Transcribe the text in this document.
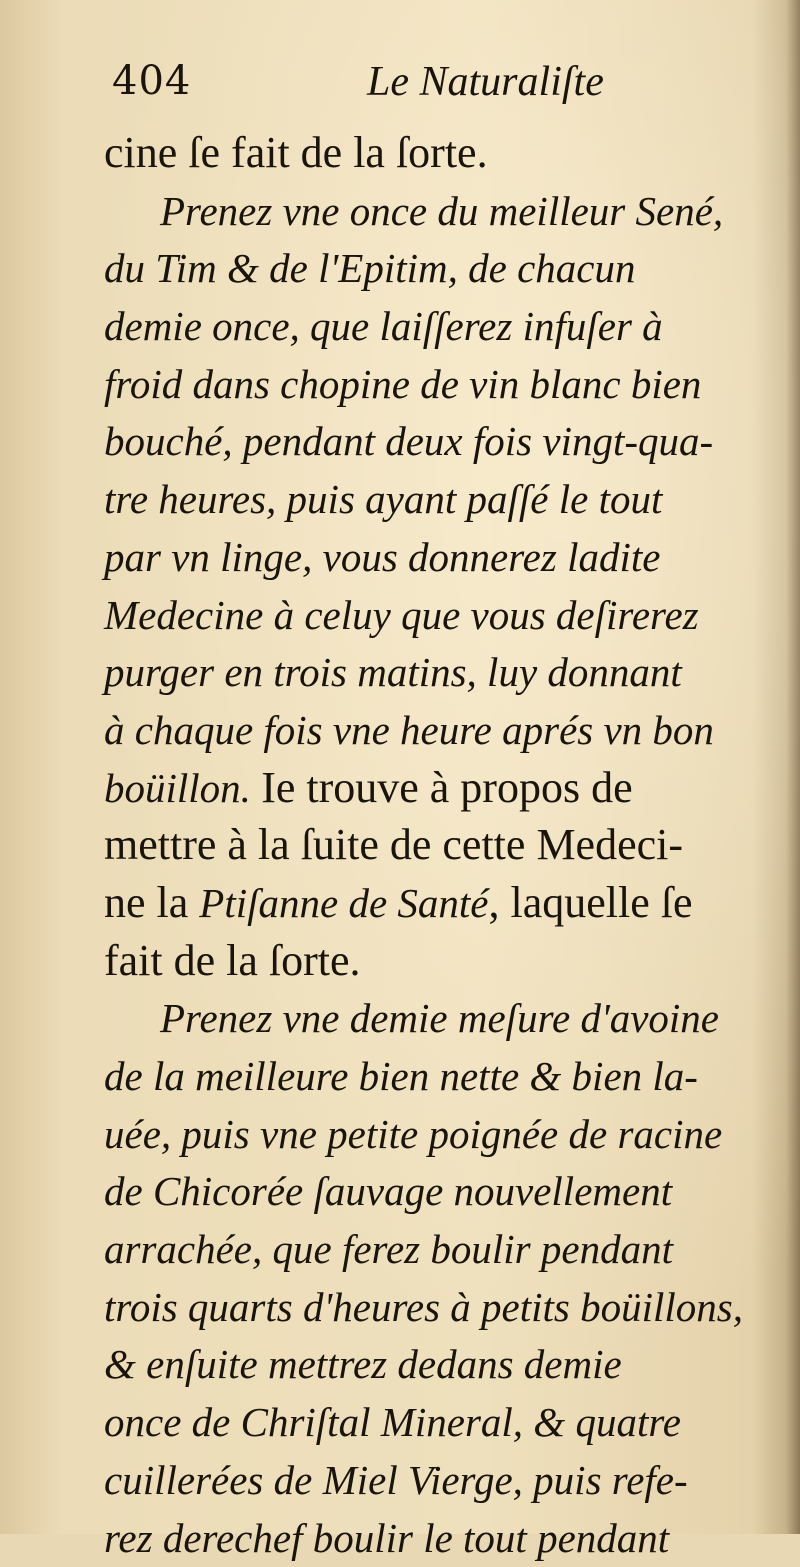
404	Le Naturaliſte
cine ſe fait de la ſorte.
Prenez vne once du meilleur Sené,
du Tim & de l'Epitim, de chacun
demie once, que laiſſerez infuſer à
froid dans chopine de vin blanc bien
bouché, pendant deux fois vingt-qua-
tre heures, puis ayant paſſé le tout
par vn linge, vous donnerez ladite
Medecine à celuy que vous deſirerez
purger en trois matins, luy donnant
à chaque fois vne heure aprés vn bon
boüillon. Ie trouve à propos de
mettre à la ſuite de cette Medeci-
ne la Ptiſanne de Santé, laquelle ſe
fait de la ſorte.
Prenez vne demie meſure d'avoine
de la meilleure bien nette & bien la-
uée, puis vne petite poignée de racine
de Chicorée ſauvage nouvellement
arrachée, que ferez boulir pendant
trois quarts d'heures à petits boüillons,
& enſuite mettrez dedans demie
once de Chriſtal Mineral, & quatre
cuillerées de Miel Vierge, puis refe-
rez derechef boulir le tout pendant
